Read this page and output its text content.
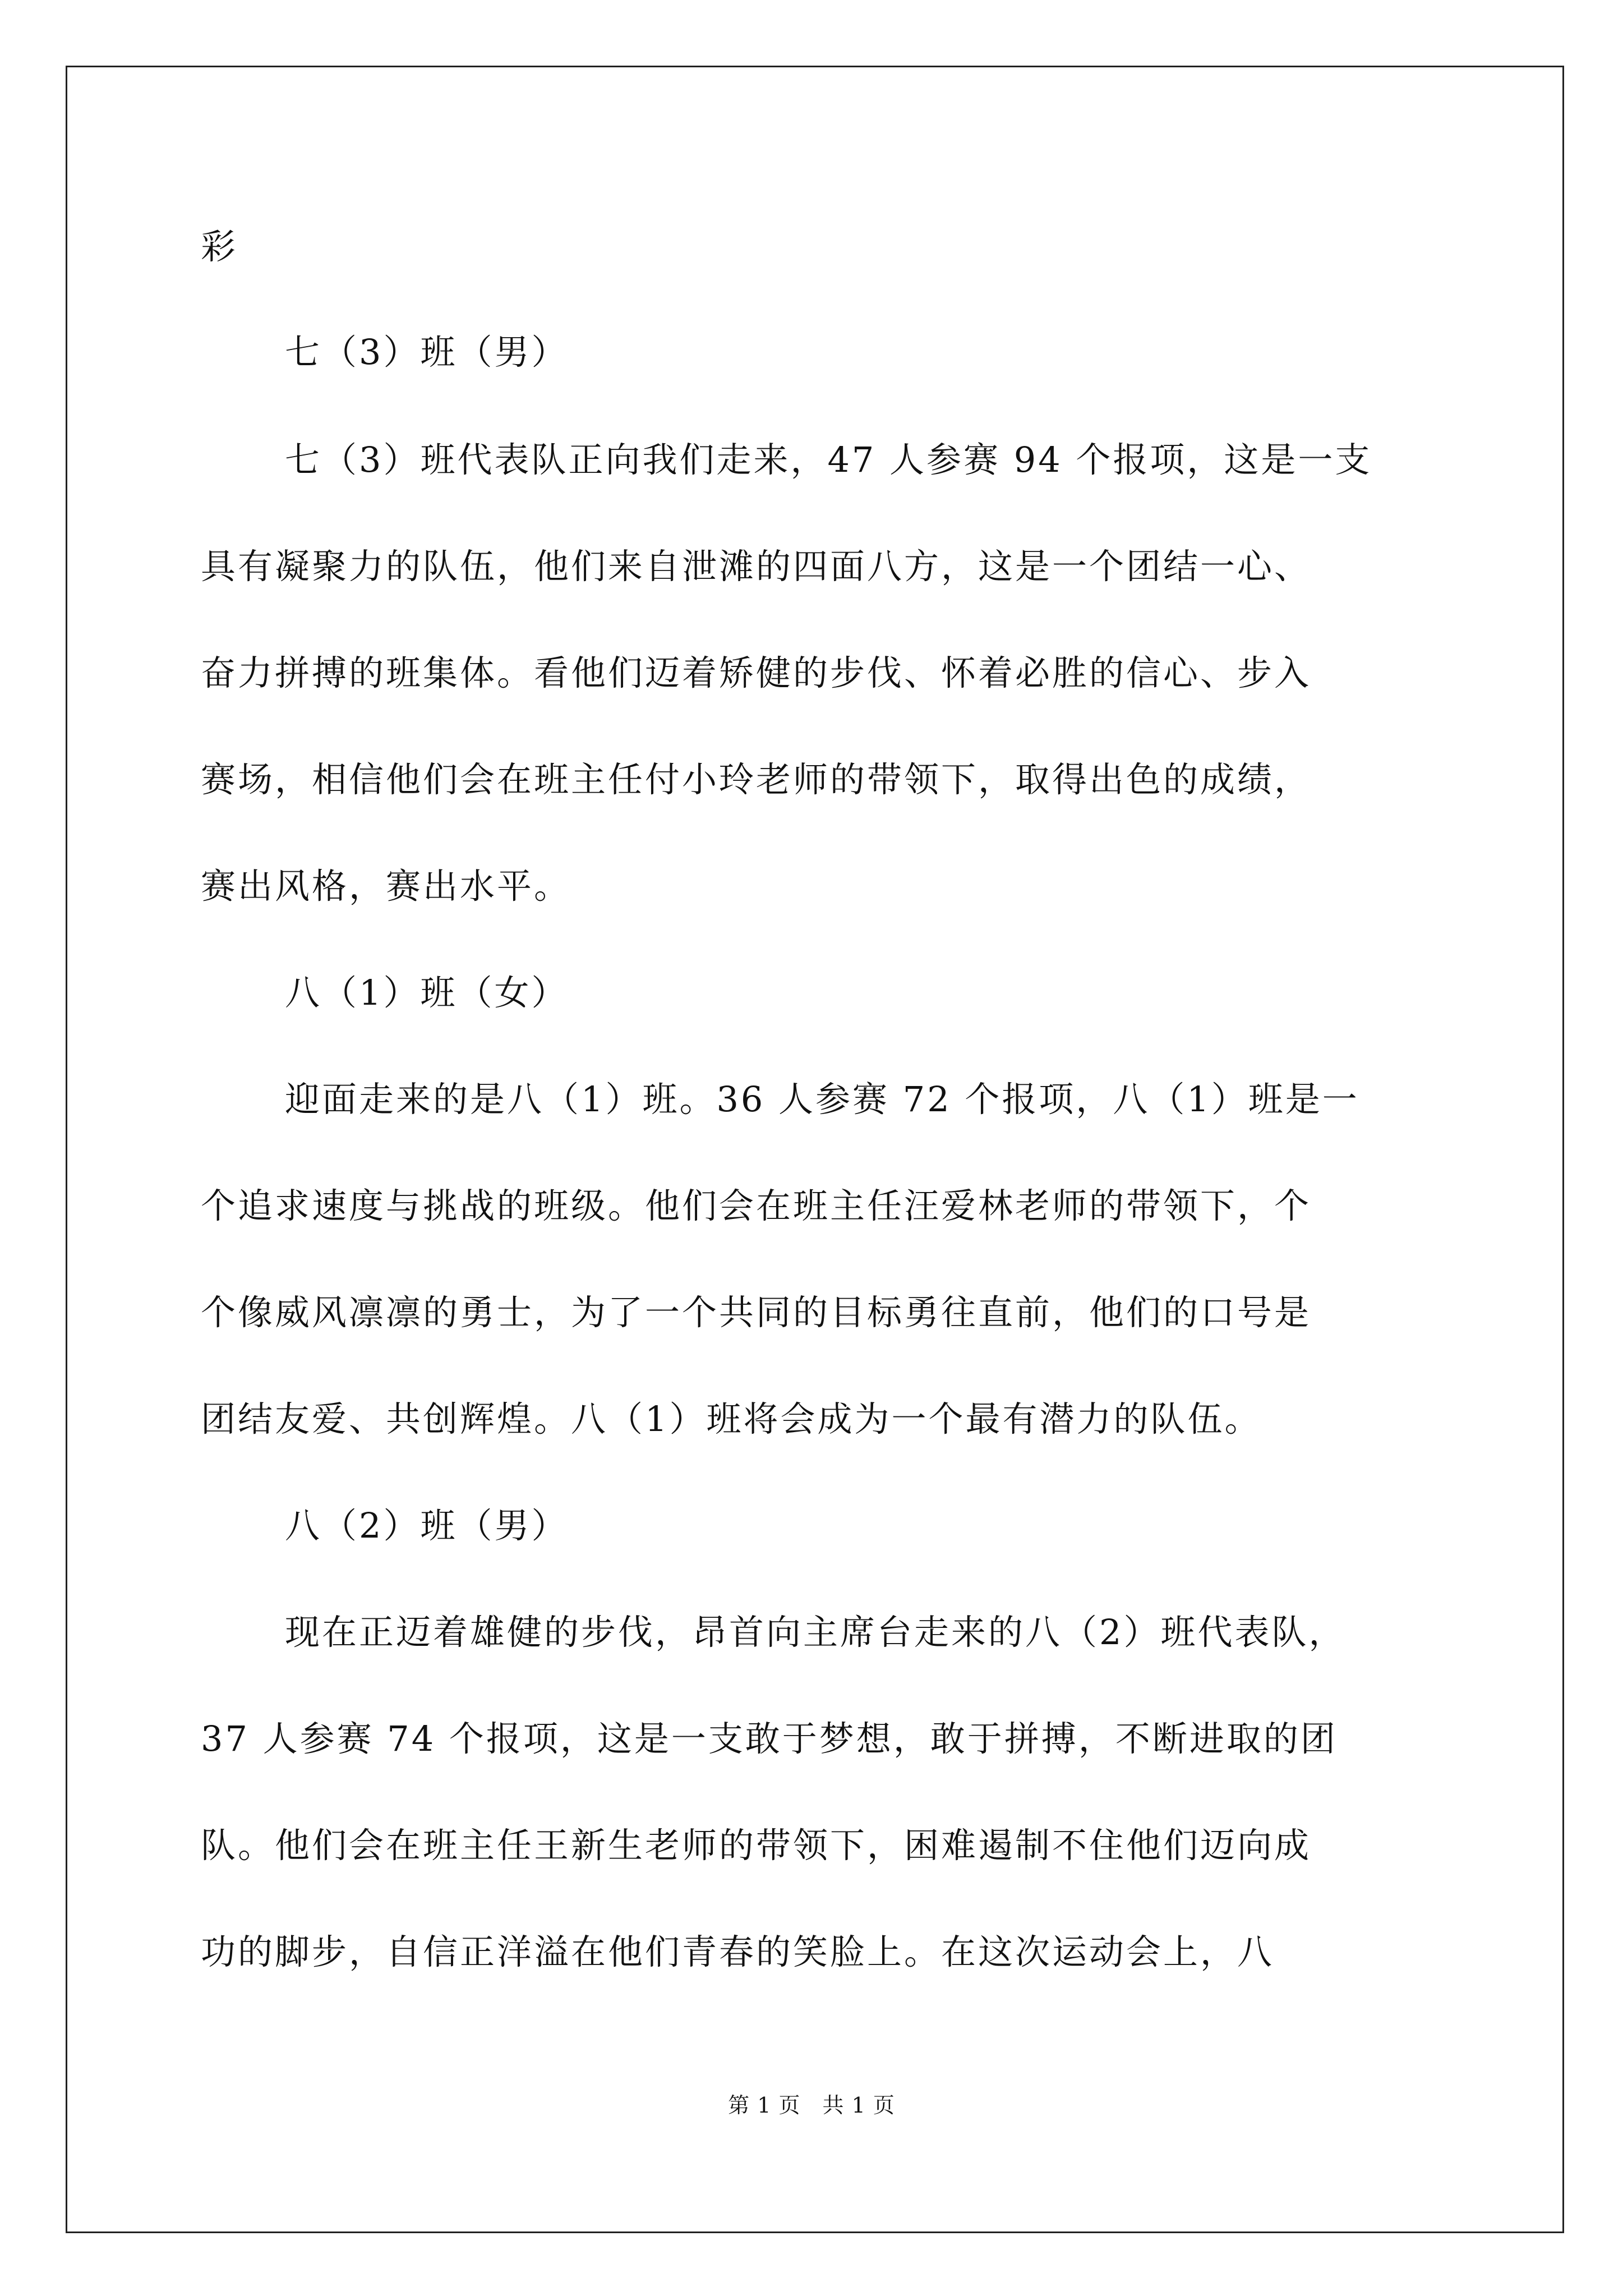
彩
七（3）班（男）
七（3）班代表队正向我们走来，47 人参赛 94 个报项，这是一支
具有凝聚力的队伍，他们来自泄滩的四面八方，这是一个团结一心、
奋力拼搏的班集体。看他们迈着矫健的步伐、怀着必胜的信心、步入
赛场，相信他们会在班主任付小玲老师的带领下，取得出色的成绩，
赛出风格，赛出水平。
八（1）班（女）
迎面走来的是八（1）班。36 人参赛 72 个报项，八（1）班是一
个追求速度与挑战的班级。他们会在班主任汪爱林老师的带领下，个
个像威风凛凛的勇士，为了一个共同的目标勇往直前，他们的口号是
团结友爱、共创辉煌。八（1）班将会成为一个最有潜力的队伍。
八（2）班（男）
现在正迈着雄健的步伐，昂首向主席台走来的八（2）班代表队，
37 人参赛 74 个报项，这是一支敢于梦想，敢于拼搏，不断进取的团
队。他们会在班主任王新生老师的带领下，困难遏制不住他们迈向成
功的脚步，自信正洋溢在他们青春的笑脸上。在这次运动会上，八
第 1 页　共 1 页
